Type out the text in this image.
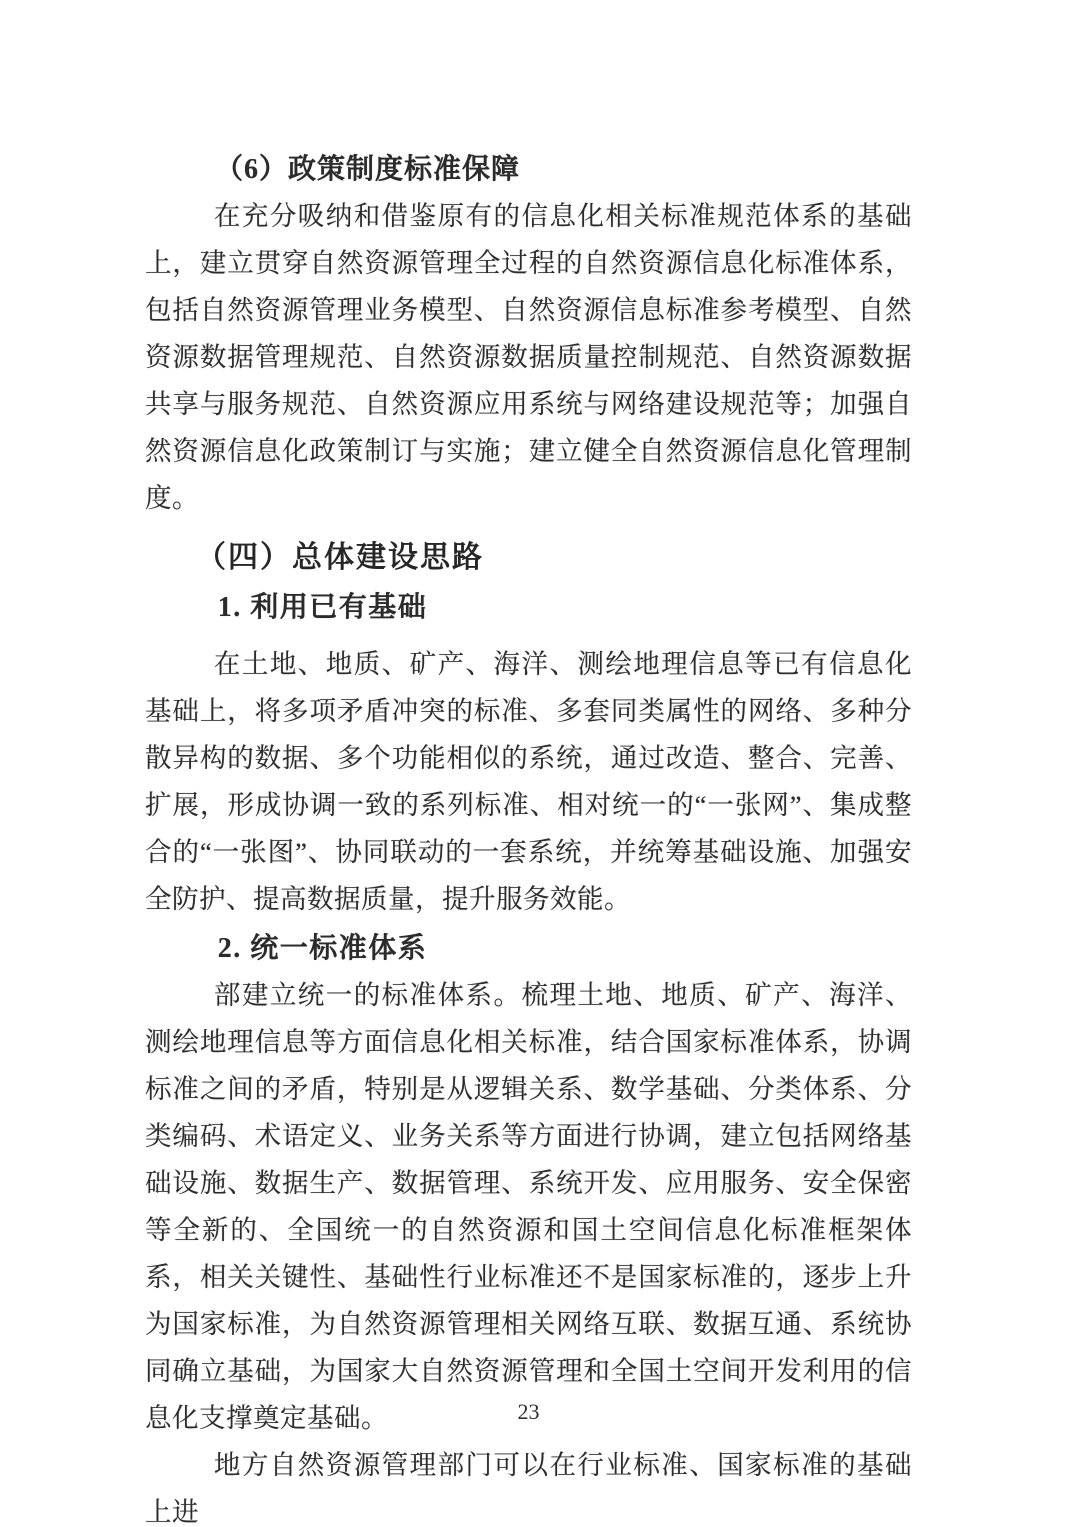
（6）政策制度标准保障

在充分吸纳和借鉴原有的信息化相关标准规范体系的基础上，建立贯穿自然资源管理全过程的自然资源信息化标准体系，包括自然资源管理业务模型、自然资源信息标准参考模型、自然资源数据管理规范、自然资源数据质量控制规范、自然资源数据共享与服务规范、自然资源应用系统与网络建设规范等；加强自然资源信息化政策制订与实施；建立健全自然资源信息化管理制度。

（四）总体建设思路
1. 利用已有基础

在土地、地质、矿产、海洋、测绘地理信息等已有信息化基础上，将多项矛盾冲突的标准、多套同类属性的网络、多种分散异构的数据、多个功能相似的系统，通过改造、整合、完善、扩展，形成协调一致的系列标准、相对统一的“一张网”、集成整合的“一张图”、协同联动的一套系统，并统筹基础设施、加强安全防护、提高数据质量，提升服务效能。

2. 统一标准体系

部建立统一的标准体系。梳理土地、地质、矿产、海洋、测绘地理信息等方面信息化相关标准，结合国家标准体系，协调标准之间的矛盾，特别是从逻辑关系、数学基础、分类体系、分类编码、术语定义、业务关系等方面进行协调，建立包括网络基础设施、数据生产、数据管理、系统开发、应用服务、安全保密等全新的、全国统一的自然资源和国土空间信息化标准框架体系，相关关键性、基础性行业标准还不是国家标准的，逐步上升为国家标准，为自然资源管理相关网络互联、数据互通、系统协同确立基础，为国家大自然资源管理和全国土空间开发利用的信息化支撑奠定基础。

地方自然资源管理部门可以在行业标准、国家标准的基础上进

23
